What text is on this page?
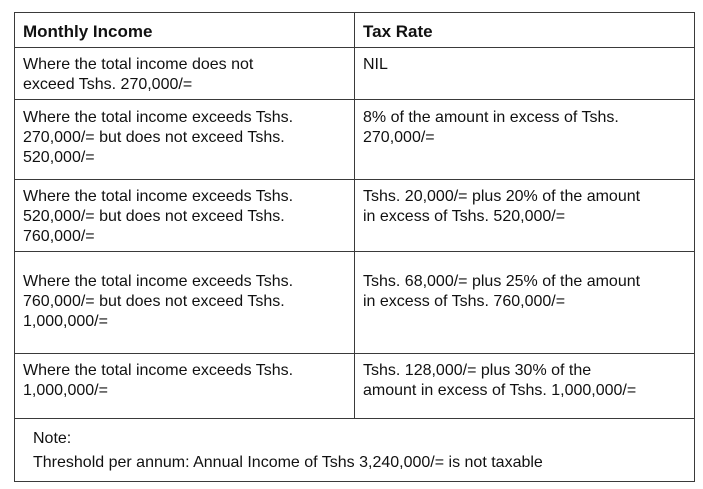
Monthly Income	Tax Rate
Where the total income does not
exceed Tshs. 270,000/=
NIL
Where the total income exceeds Tshs.
270,000/= but does not exceed Tshs.
520,000/=
8% of the amount in excess of Tshs.
270,000/=
Where the total income exceeds Tshs.
520,000/= but does not exceed Tshs.
760,000/=
Tshs. 20,000/= plus 20% of the amount
in excess of Tshs. 520,000/=
Where the total income exceeds Tshs.
760,000/= but does not exceed Tshs.
1,000,000/=
Tshs. 68,000/= plus 25% of the amount
in excess of Tshs. 760,000/=
Where the total income exceeds Tshs.
1,000,000/=
Tshs. 128,000/= plus 30% of the
amount in excess of Tshs. 1,000,000/=
Note:
Threshold per annum: Annual Income of Tshs 3,240,000/= is not taxable
